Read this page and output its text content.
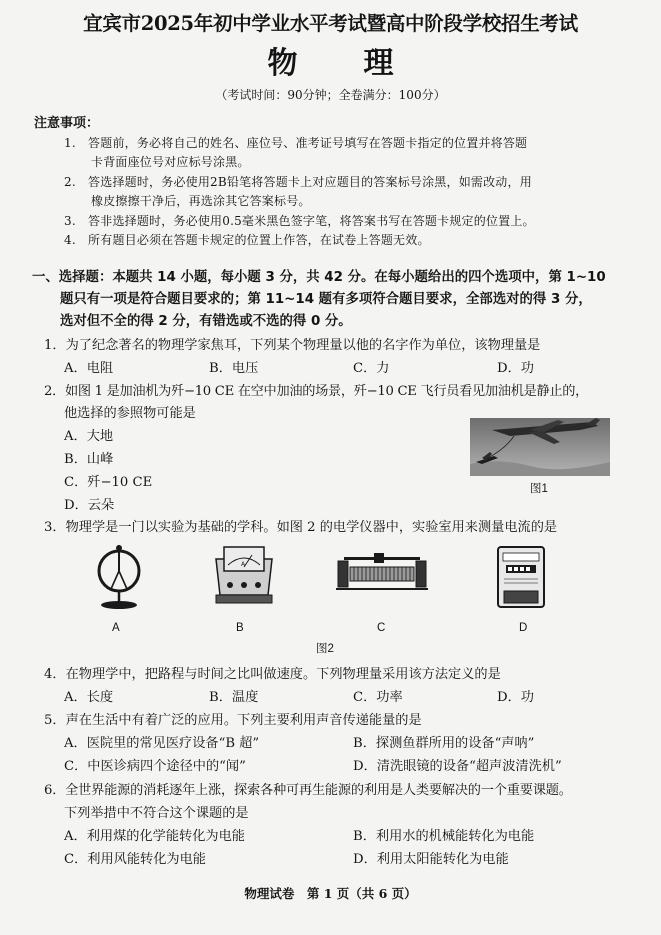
宜宾市2025年初中学业水平考试暨高中阶段学校招生考试
物　理
（考试时间：90分钟；全卷满分：100分）
注意事项：
1.　答题前，务必将自己的姓名、座位号、准考证号填写在答题卡指定的位置并将答题
卡背面座位号对应标号涂黑。
2.　答选择题时，务必使用2B铅笔将答题卡上对应题目的答案标号涂黑，如需改动，用
橡皮擦擦干净后，再选涂其它答案标号。
3.　答非选择题时，务必使用0.5毫米黑色签字笔，将答案书写在答题卡规定的位置上。
4.　所有题目必须在答题卡规定的位置上作答，在试卷上答题无效。
一、选择题：本题共 14 小题，每小题 3 分，共 42 分。在每小题给出的四个选项中，第 1~10
题只有一项是符合题目要求的；第 11~14 题有多项符合题目要求，全部选对的得 3 分，
选对但不全的得 2 分，有错选或不选的得 0 分。
1．为了纪念著名的物理学家焦耳，下列某个物理量以他的名字作为单位，该物理量是
A．电阻	B．电压	C．力	D．功
2．如图 1 是加油机为歼−10 CE 在空中加油的场景，歼−10 CE 飞行员看见加油机是静止的，
他选择的参照物可能是
A．大地
B．山峰
C．歼−10 CE
D．云朵
图1
3．物理学是一门以实验为基础的学科。如图 2 的电学仪器中，实验室用来测量电流的是
A
A	B	C	D
图2
4．在物理学中，把路程与时间之比叫做速度。下列物理量采用该方法定义的是
A．长度	B．温度	C．功率	D．功
5．声在生活中有着广泛的应用。下列主要利用声音传递能量的是
A．医院里的常见医疗设备“B 超”	B．探测鱼群所用的设备“声呐”
C．中医诊病四个途径中的“闻”	D．清洗眼镜的设备“超声波清洗机”
6．全世界能源的消耗逐年上涨，探索各种可再生能源的利用是人类要解决的一个重要课题。
下列举措中不符合这个课题的是
A．利用煤的化学能转化为电能	B．利用水的机械能转化为电能
C．利用风能转化为电能	D．利用太阳能转化为电能
物理试卷　第 1 页（共 6 页）
